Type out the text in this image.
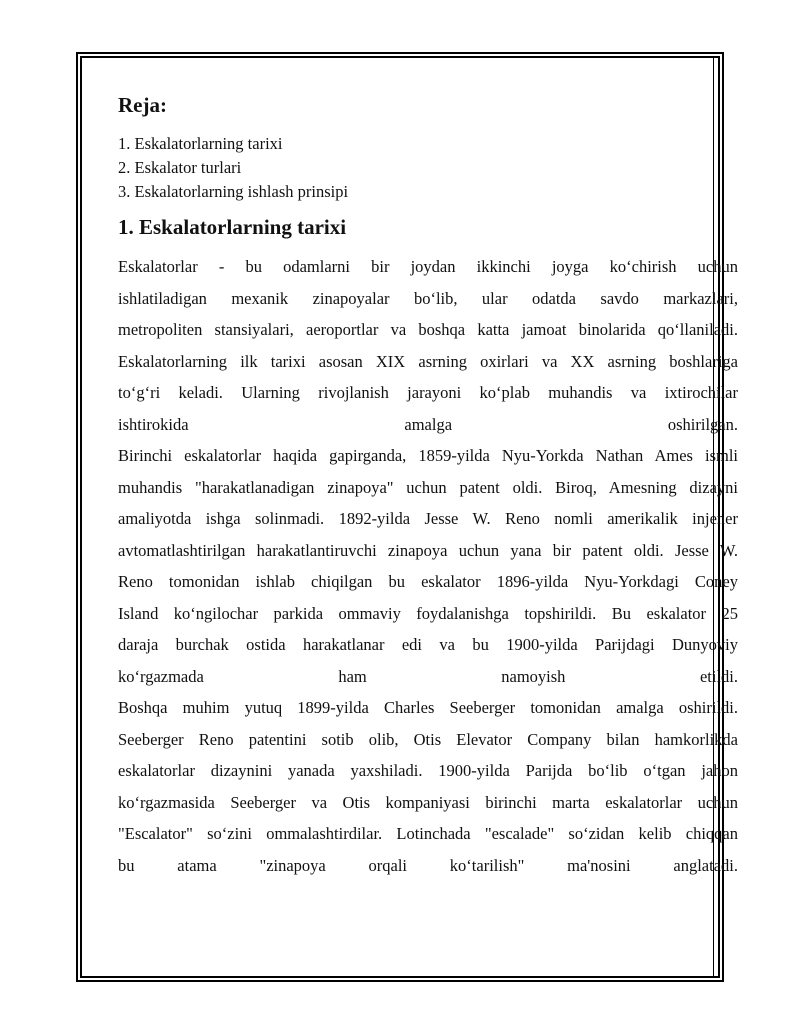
Reja:
1. Eskalatorlarning tarixi
2. Eskalator turlari
3. Eskalatorlarning ishlash prinsipi
1. Eskalatorlarning tarixi
Eskalatorlar - bu odamlarni bir joydan ikkinchi joyga ko‘chirish uchun
ishlatiladigan mexanik zinapoyalar bo‘lib, ular odatda savdo markazlari,
metropoliten stansiyalari, aeroportlar va boshqa katta jamoat binolarida qo‘llaniladi.
Eskalatorlarning ilk tarixi asosan XIX asrning oxirlari va XX asrning boshlariga
to‘g‘ri keladi. Ularning rivojlanish jarayoni ko‘plab muhandis va ixtirochilar
ishtirokida amalga oshirilgan.
Birinchi eskalatorlar haqida gapirganda, 1859-yilda Nyu-Yorkda Nathan Ames ismli
muhandis "harakatlanadigan zinapoya" uchun patent oldi. Biroq, Amesning dizayni
amaliyotda ishga solinmadi. 1892-yilda Jesse W. Reno nomli amerikalik injener
avtomatlashtirilgan harakatlantiruvchi zinapoya uchun yana bir patent oldi. Jesse W.
Reno tomonidan ishlab chiqilgan bu eskalator 1896-yilda Nyu-Yorkdagi Coney
Island ko‘ngilochar parkida ommaviy foydalanishga topshirildi. Bu eskalator 25
daraja burchak ostida harakatlanar edi va bu 1900-yilda Parijdagi Dunyoviy
ko‘rgazmada ham namoyish etildi.
Boshqa muhim yutuq 1899-yilda Charles Seeberger tomonidan amalga oshirildi.
Seeberger Reno patentini sotib olib, Otis Elevator Company bilan hamkorlikda
eskalatorlar dizaynini yanada yaxshiladi. 1900-yilda Parijda bo‘lib o‘tgan jahon
ko‘rgazmasida Seeberger va Otis kompaniyasi birinchi marta eskalatorlar uchun
"Escalator" so‘zini ommalashtirdilar. Lotinchada "escalade" so‘zidan kelib chiqqan
bu atama "zinapoya orqali ko‘tarilish" ma'nosini anglatadi.
